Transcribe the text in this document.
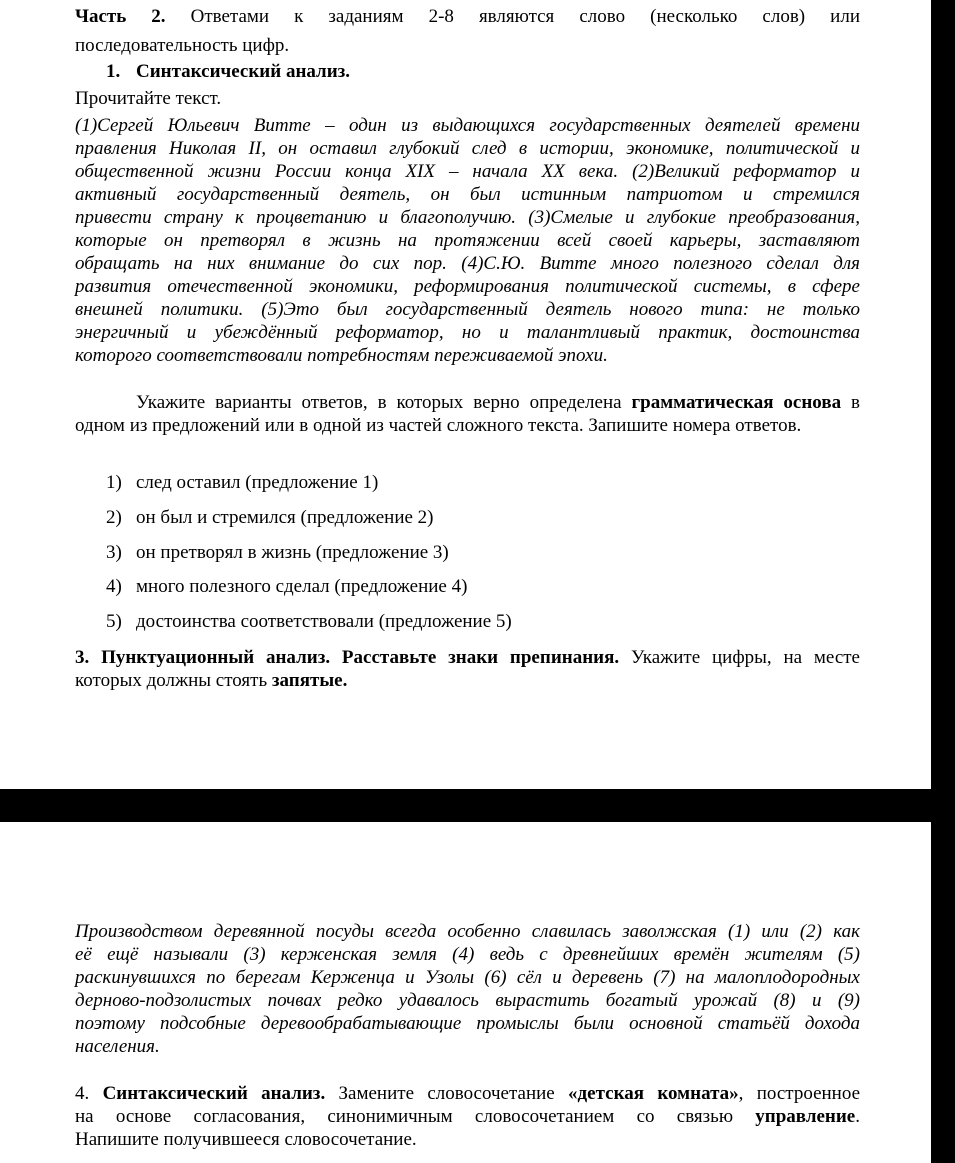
Часть 2. Ответами к заданиям 2-8 являются слово (несколько слов) или
последовательность цифр.
1. Синтаксический анализ.
Прочитайте текст.
(1)Сергей Юльевич Витте – один из выдающихся государственных деятелей времени
правления Николая II, он оставил глубокий след в истории, экономике, политической и
общественной жизни России конца XIX – начала XX века. (2)Великий реформатор и
активный государственный деятель, он был истинным патриотом и стремился
привести страну к процветанию и благополучию. (3)Смелые и глубокие преобразования,
которые он претворял в жизнь на протяжении всей своей карьеры, заставляют
обращать на них внимание до сих пор. (4)С.Ю. Витте много полезного сделал для
развития отечественной экономики, реформирования политической системы, в сфере
внешней политики. (5)Это был государственный деятель нового типа: не только
энергичный и убеждённый реформатор, но и талантливый практик, достоинства
которого соответствовали потребностям переживаемой эпохи.
Укажите варианты ответов, в которых верно определена грамматическая основа в
одном из предложений или в одной из частей сложного текста. Запишите номера ответов.
1) след оставил (предложение 1)
2) он был и стремился (предложение 2)
3) он претворял в жизнь (предложение 3)
4) много полезного сделал (предложение 4)
5) достоинства соответствовали (предложение 5)
3. Пунктуационный анализ. Расставьте знаки препинания. Укажите цифры, на месте
которых должны стоять запятые.
Производством деревянной посуды всегда особенно славилась заволжская (1) или (2) как
её ещё называли (3) керженская земля (4) ведь с древнейших времён жителям (5)
раскинувшихся по берегам Керженца и Узолы (6) сёл и деревень (7) на малоплодородных
дерново-подзолистых почвах редко удавалось вырастить богатый урожай (8) и (9)
поэтому подсобные деревообрабатывающие промыслы были основной статьёй дохода
населения.
4. Синтаксический анализ. Замените словосочетание «детская комната», построенное
на основе согласования, синонимичным словосочетанием со связью управление.
Напишите получившееся словосочетание.
